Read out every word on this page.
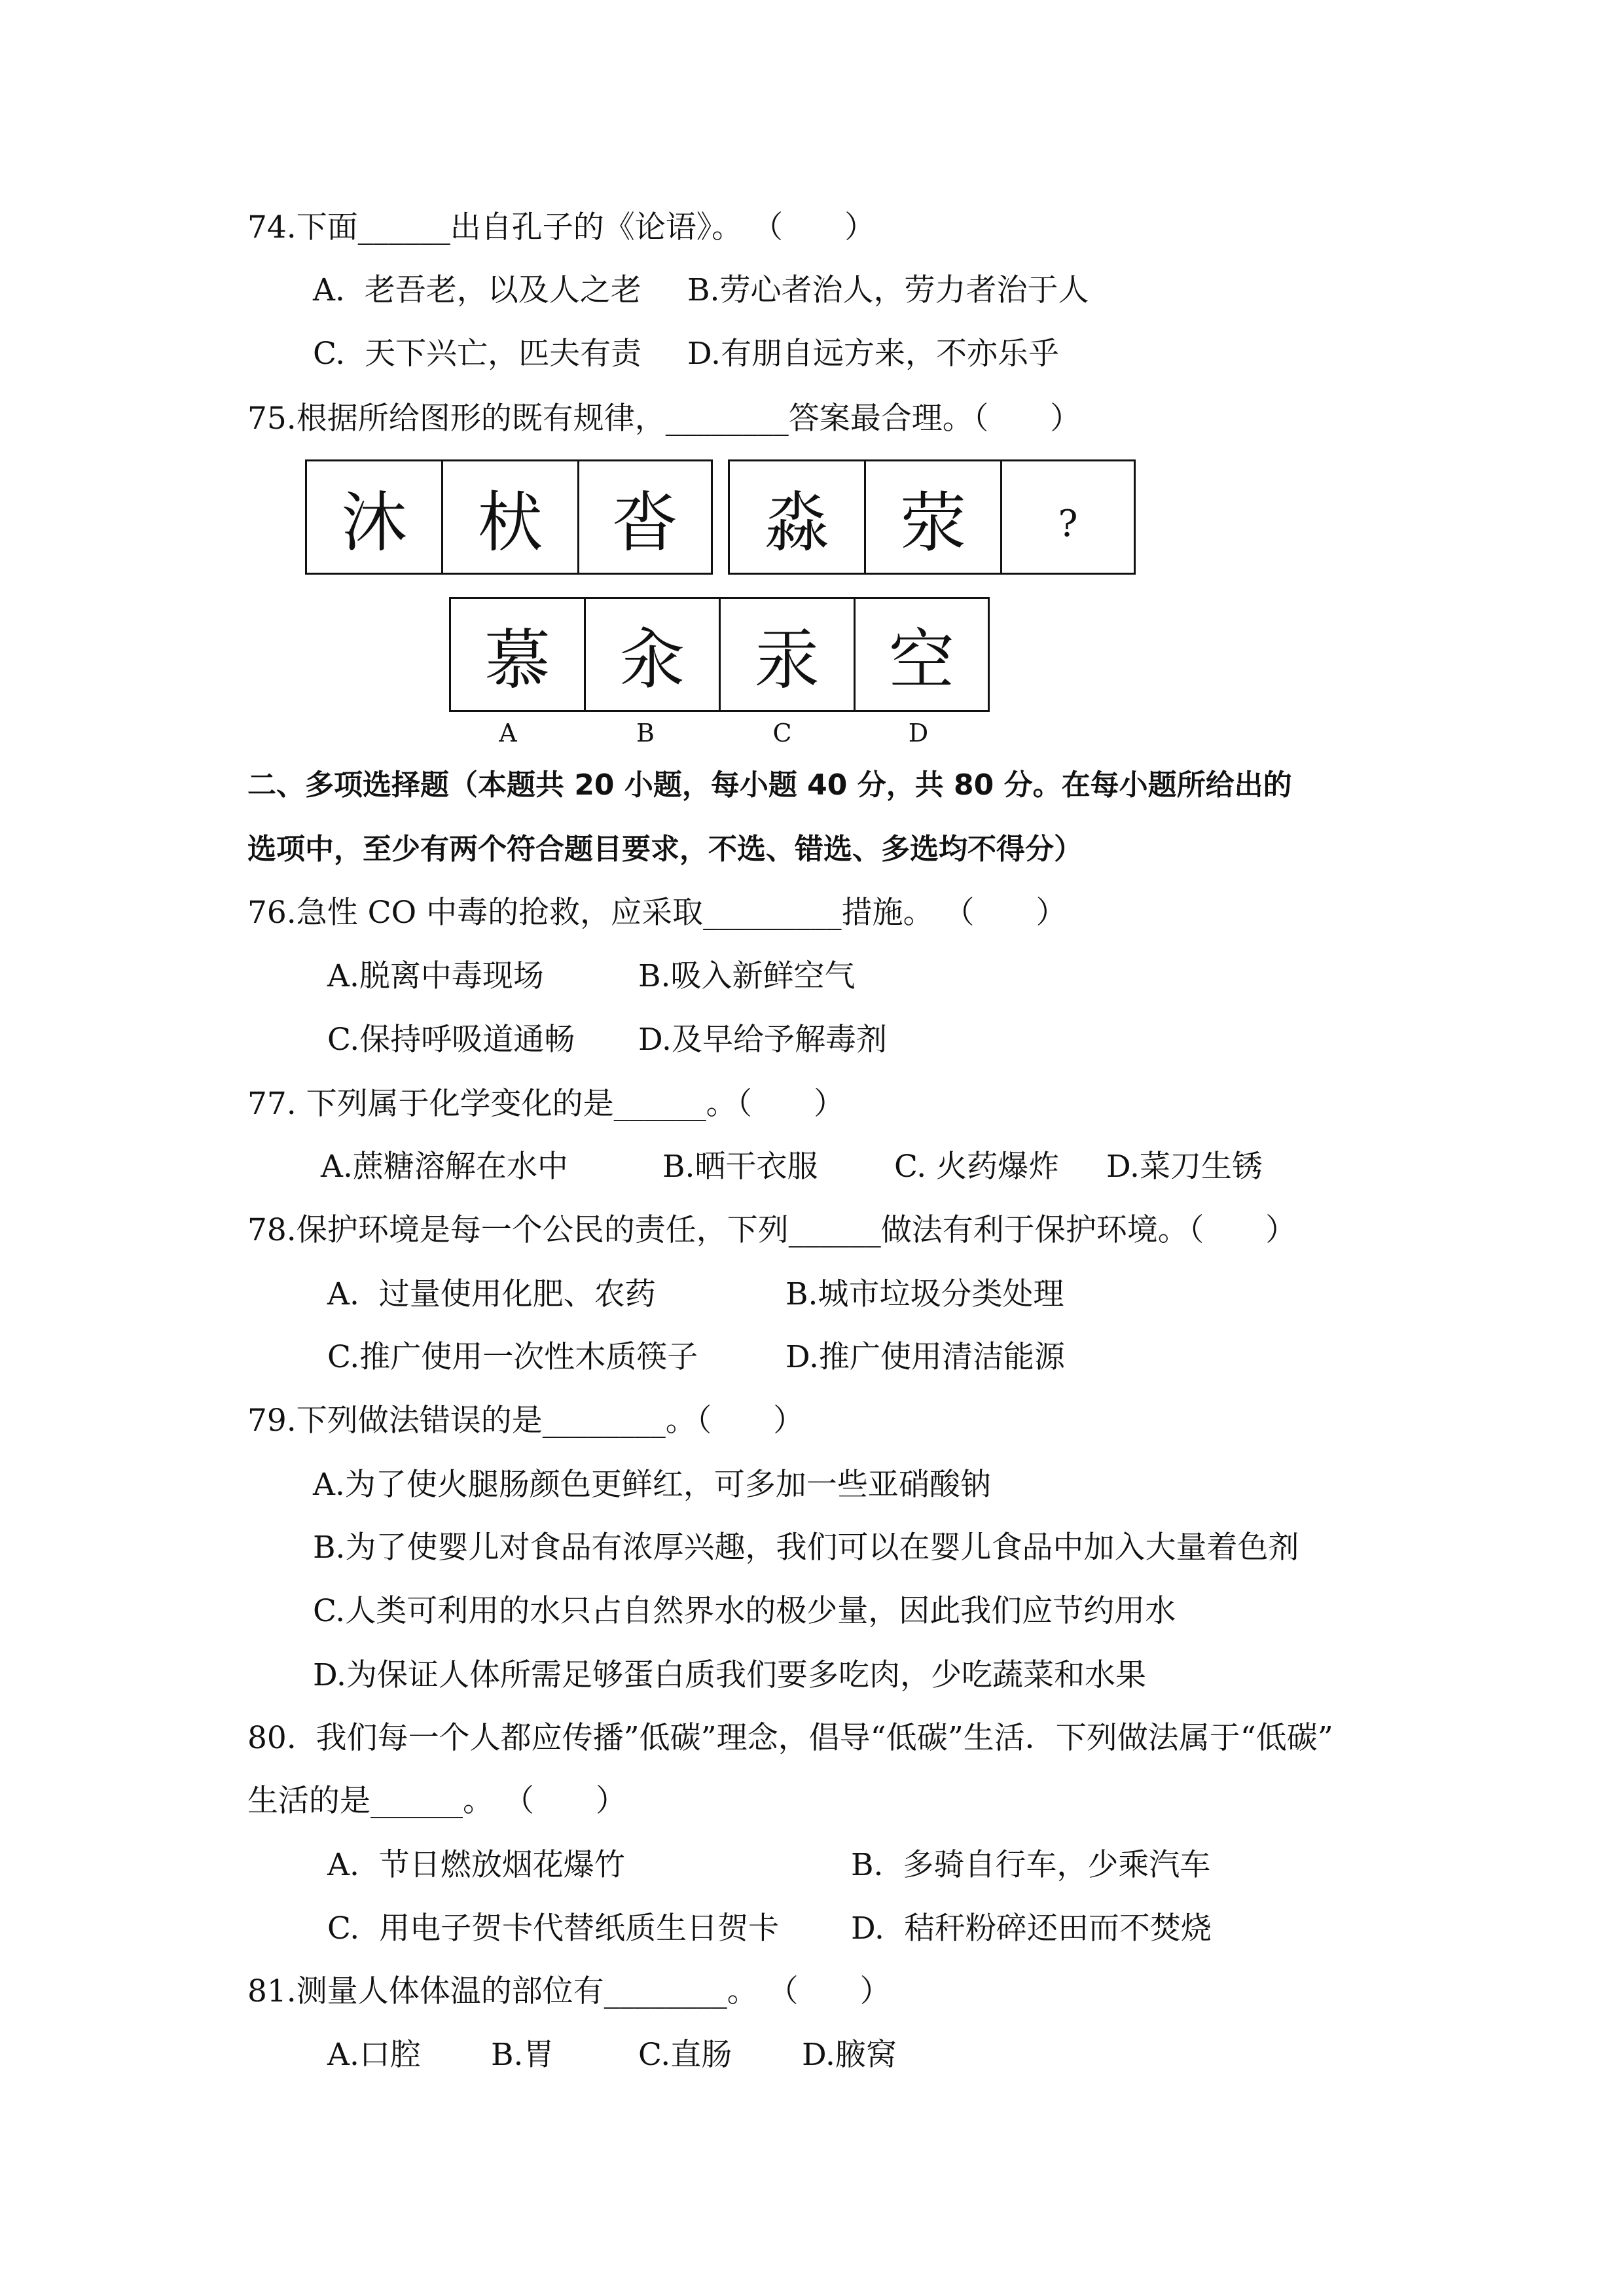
74.下面______出自孔子的《论语》。 （　　）
A.  老吾老，以及人之老 B.劳心者治人，劳力者治于人
C.  天下兴亡，匹夫有责 D.有朋自远方来，不亦乐乎
75.根据所给图形的既有规律，________答案最合理。（　　）
沐	枤	沓	淼	荥	?
慕	汆	汞	空
A	B	C	D
二、多项选择题（本题共 20 小题，每小题 40 分，共 80 分。在每小题所给出的
选项中，至少有两个符合题目要求，不选、错选、多选均不得分）
76.急性 CO 中毒的抢救，应采取_________措施。 （　　）
A.脱离中毒现场	B.吸入新鲜空气
C.保持呼吸道通畅 D.及早给予解毒剂
77. 下列属于化学变化的是______。（　　）
A.蔗糖溶解在水中	B.晒干衣服 C. 火药爆炸 D.菜刀生锈
78.保护环境是每一个公民的责任，下列______做法有利于保护环境。（　　）
A.  过量使用化肥、农药	B.城市垃圾分类处理
C.推广使用一次性木质筷子	D.推广使用清洁能源
79.下列做法错误的是________。（　　）
A.为了使火腿肠颜色更鲜红，可多加一些亚硝酸钠
B.为了使婴儿对食品有浓厚兴趣，我们可以在婴儿食品中加入大量着色剂
C.人类可利用的水只占自然界水的极少量，因此我们应节约用水
D.为保证人体所需足够蛋白质我们要多吃肉，少吃蔬菜和水果
80.  我们每一个人都应传播”低碳”理念，倡导“低碳”生活．下列做法属于“低碳”
生活的是______。 （　　）
A.  节日燃放烟花爆竹	B.  多骑自行车，少乘汽车
C.  用电子贺卡代替纸质生日贺卡 D.  秸秆粉碎还田而不焚烧
81.测量人体体温的部位有________。 （　　）
A.口腔 B.胃	C.直肠 D.腋窝
